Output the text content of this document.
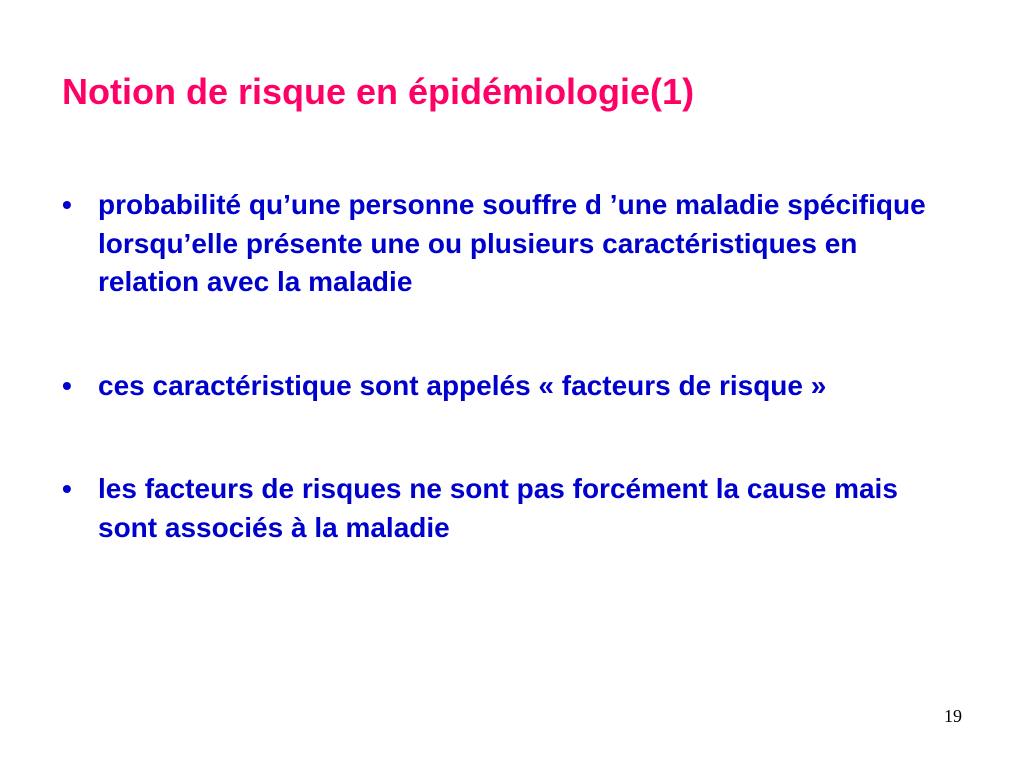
Notion de risque en épidémiologie(1)
• probabilité qu’une personne souffre d ’une maladie spécifique lorsqu’elle présente une ou plusieurs caractéristiques en relation avec la maladie
• ces caractéristique sont appelés « facteurs de risque »
• les facteurs de risques ne sont pas forcément la cause mais sont associés à la maladie
19
